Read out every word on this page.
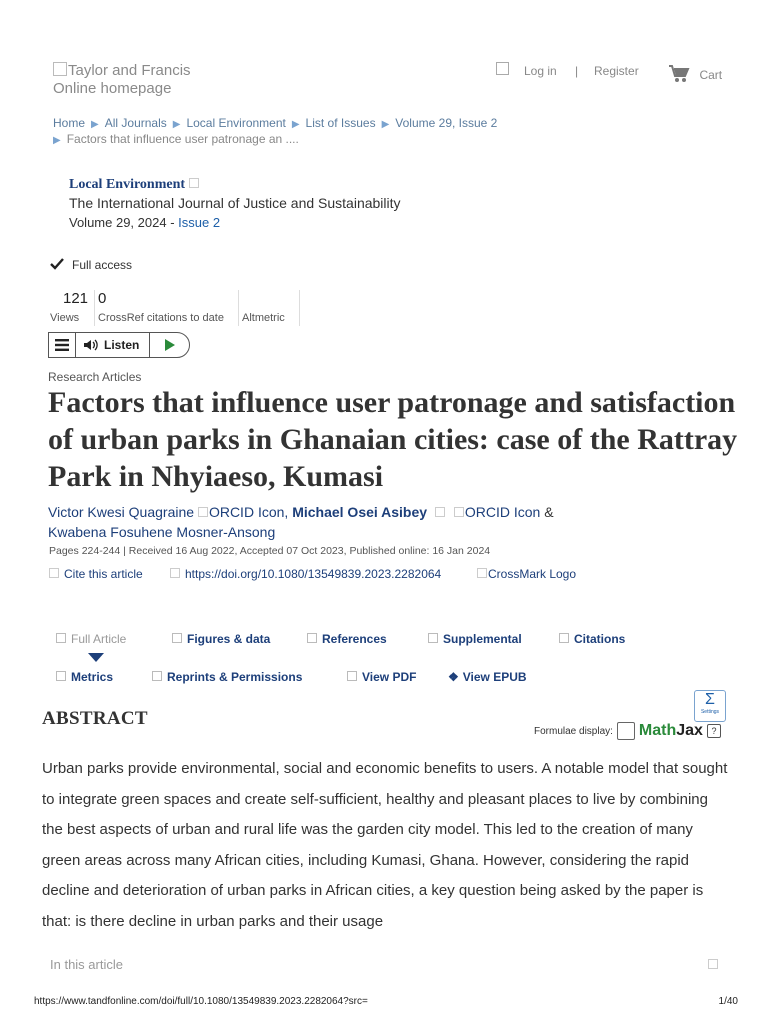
Taylor and Francis
Online homepage
Log in | Register	Cart
Home ▶ All Journals ▶ Local Environment ▶ List of Issues ▶ Volume 29, Issue 2
▶ Factors that influence user patronage an ....
Local Environment
The International Journal of Justice and Sustainability
Volume 29, 2024 - Issue 2
Full access
121
Views
0
CrossRef citations to date Altmetric
Listen
Research Articles
Factors that influence user patronage and satisfaction of urban parks in Ghanaian cities: case of the Rattray Park in Nhyiaeso, Kumasi
Victor Kwesi Quagraine ORCID Icon, Michael Osei Asibey	ORCID Icon &
Kwabena Fosuhene Mosner-Ansong
Pages 224-244 | Received 16 Aug 2022, Accepted 07 Oct 2023, Published online: 16 Jan 2024
Cite this article	https://doi.org/10.1080/13549839.2023.2282064	CrossMark Logo
Full Article	Figures & data	References	Supplemental	Citations
Metrics	Reprints & Permissions	View PDF	❖ View EPUB
ABSTRACT
Σ
Settings
Formulae display: MathJax ?

Urban parks provide environmental, social and economic benefits to users. A notable model that sought to integrate green spaces and create self-sufficient, healthy and pleasant places to live by combining the best aspects of urban and rural life was the garden city model. This led to the creation of many green areas across many African cities, including Kumasi, Ghana. However, considering the rapid decline and deterioration of urban parks in African cities, a key question being asked by the paper is that: is there decline in urban parks and their usage

In this article
https://www.tandfonline.com/doi/full/10.1080/13549839.2023.2282064?src=	1/40
